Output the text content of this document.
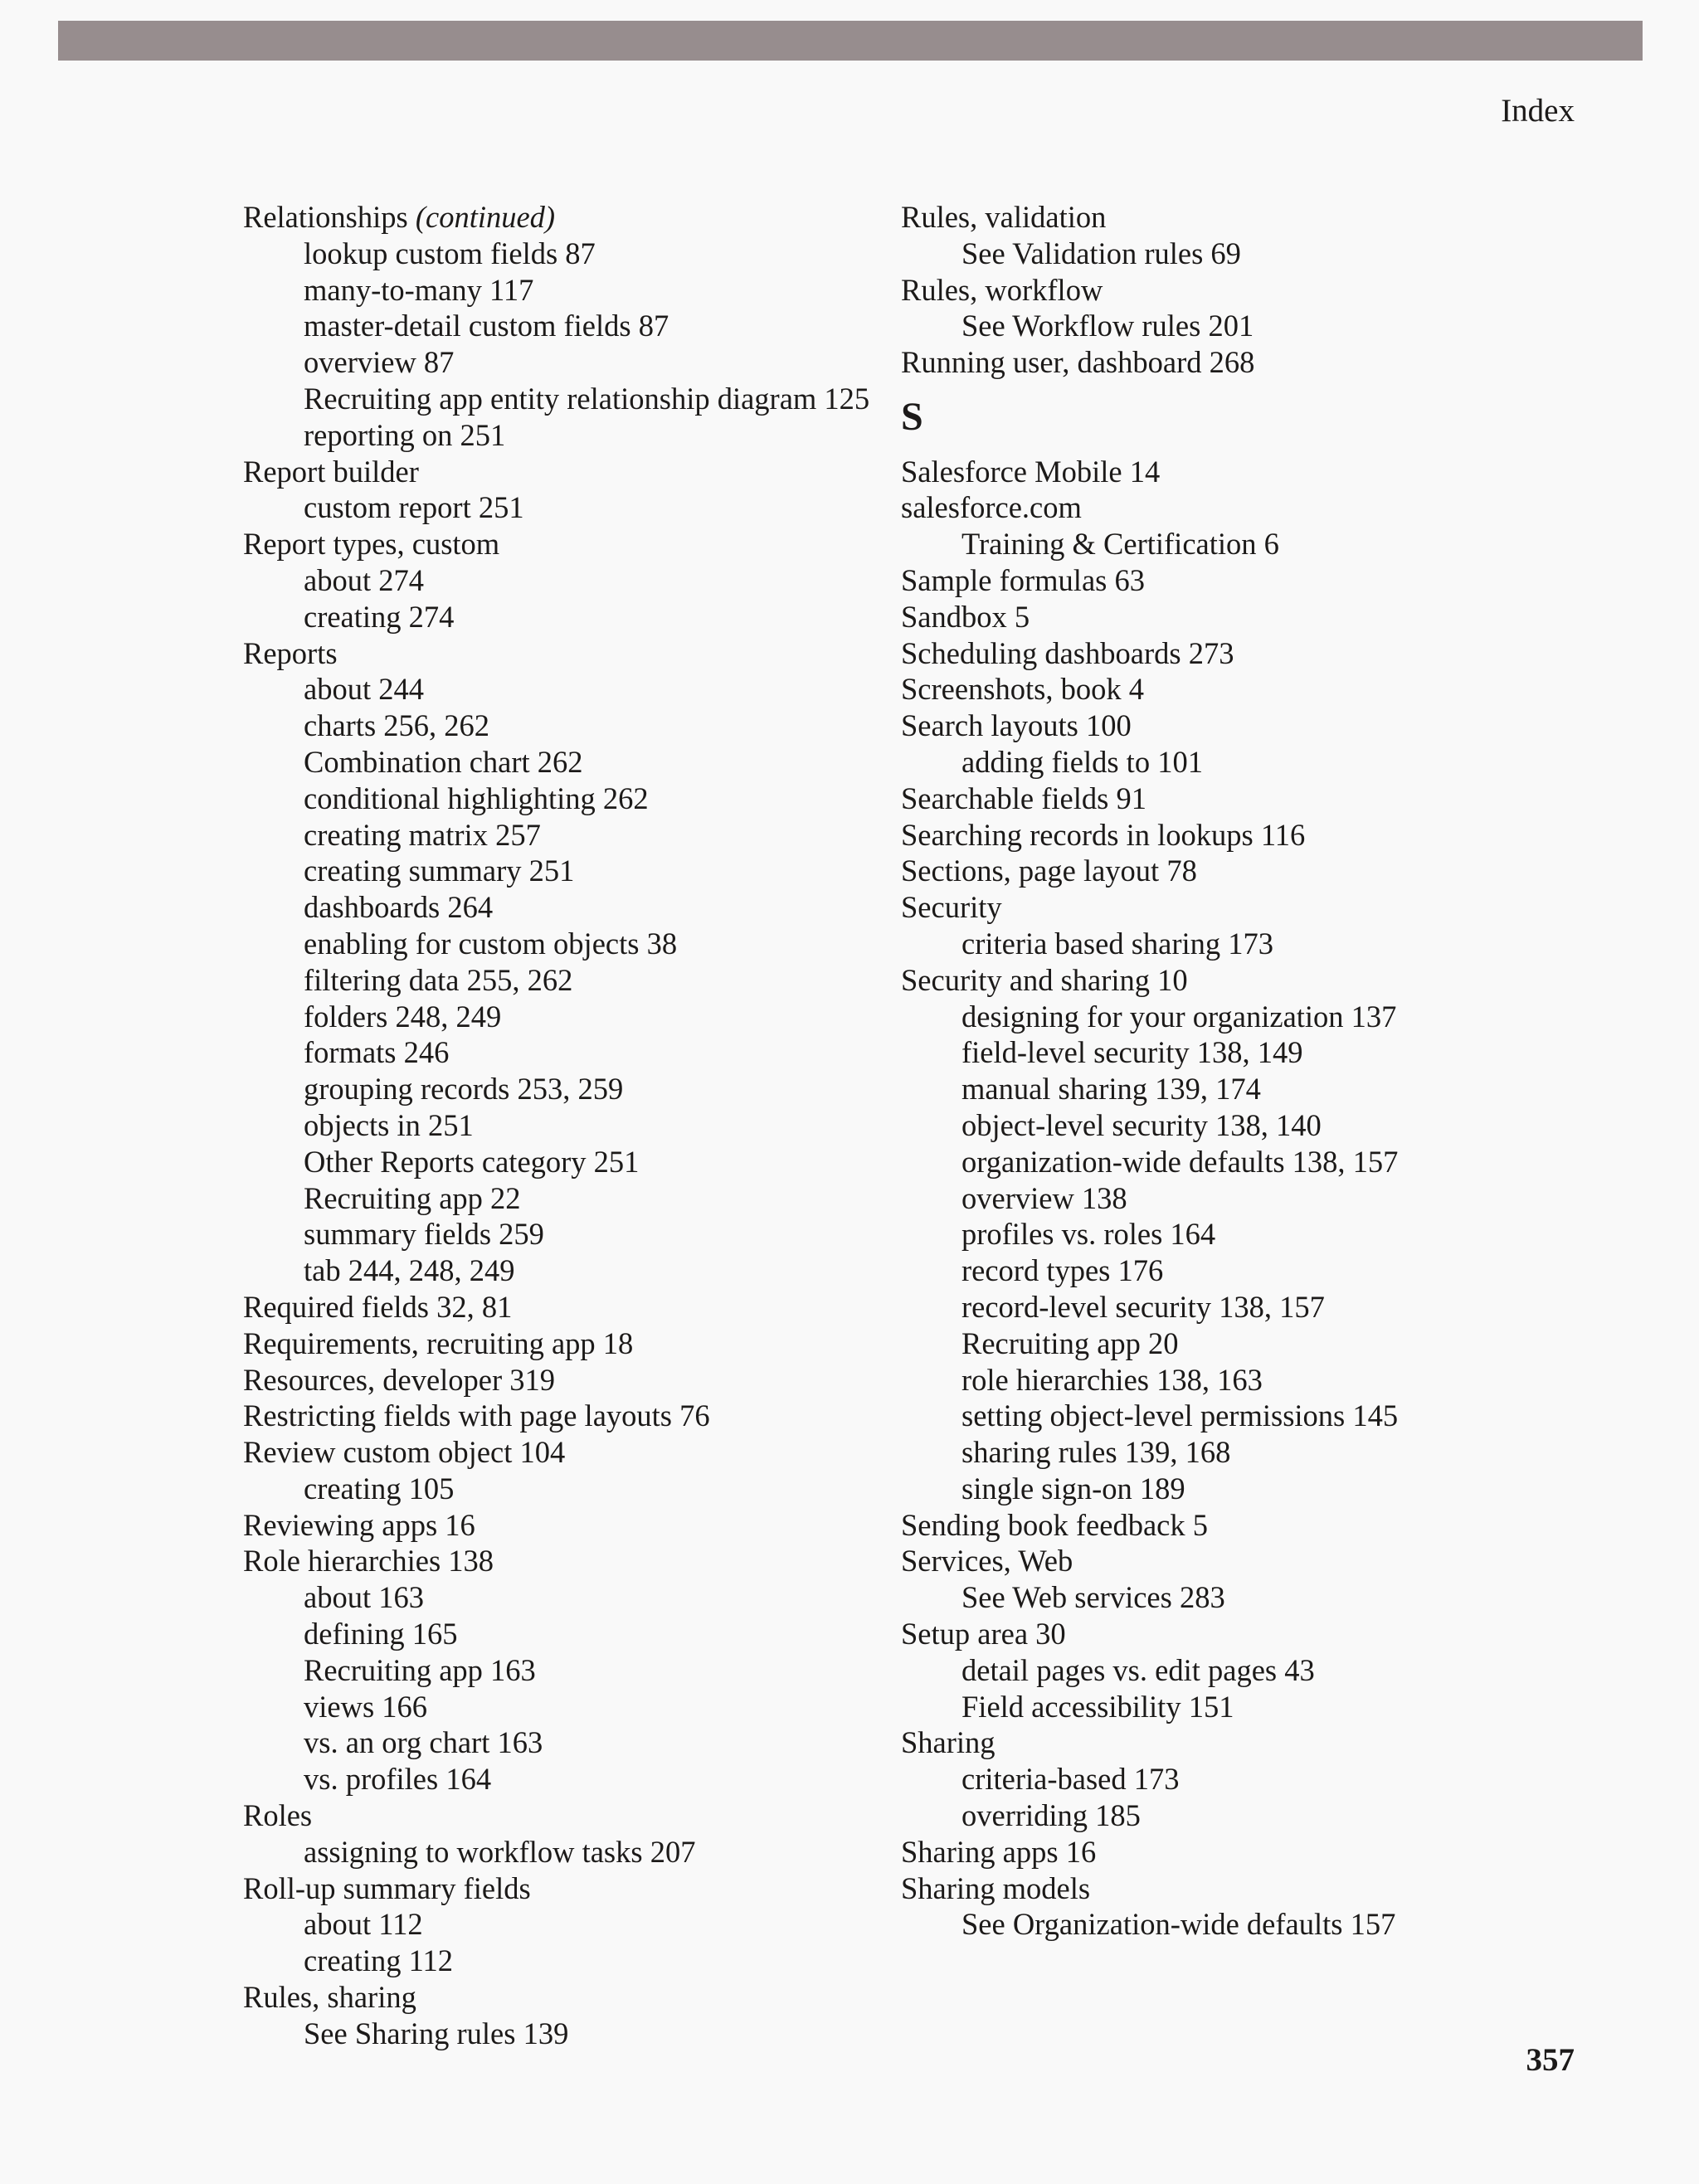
Index
Relationships (continued)
lookup custom fields 87
many-to-many 117
master-detail custom fields 87
overview 87
Recruiting app entity relationship diagram 125
reporting on 251
Report builder
custom report 251
Report types, custom
about 274
creating 274
Reports
about 244
charts 256, 262
Combination chart 262
conditional highlighting 262
creating matrix 257
creating summary 251
dashboards 264
enabling for custom objects 38
filtering data 255, 262
folders 248, 249
formats 246
grouping records 253, 259
objects in 251
Other Reports category 251
Recruiting app 22
summary fields 259
tab 244, 248, 249
Required fields 32, 81
Requirements, recruiting app 18
Resources, developer 319
Restricting fields with page layouts 76
Review custom object 104
creating 105
Reviewing apps 16
Role hierarchies 138
about 163
defining 165
Recruiting app 163
views 166
vs. an org chart 163
vs. profiles 164
Roles
assigning to workflow tasks 207
Roll-up summary fields
about 112
creating 112
Rules, sharing
See Sharing rules 139
Rules, validation
See Validation rules 69
Rules, workflow
See Workflow rules 201
Running user, dashboard 268
S
Salesforce Mobile 14
salesforce.com
Training & Certification 6
Sample formulas 63
Sandbox 5
Scheduling dashboards 273
Screenshots, book 4
Search layouts 100
adding fields to 101
Searchable fields 91
Searching records in lookups 116
Sections, page layout 78
Security
criteria based sharing 173
Security and sharing 10
designing for your organization 137
field-level security 138, 149
manual sharing 139, 174
object-level security 138, 140
organization-wide defaults 138, 157
overview 138
profiles vs. roles 164
record types 176
record-level security 138, 157
Recruiting app 20
role hierarchies 138, 163
setting object-level permissions 145
sharing rules 139, 168
single sign-on 189
Sending book feedback 5
Services, Web
See Web services 283
Setup area 30
detail pages vs. edit pages 43
Field accessibility 151
Sharing
criteria-based 173
overriding 185
Sharing apps 16
Sharing models
See Organization-wide defaults 157
357
